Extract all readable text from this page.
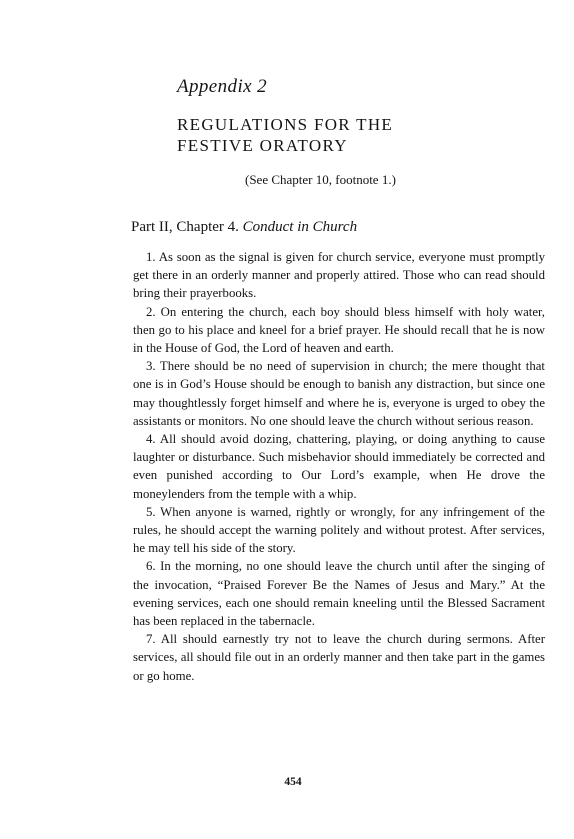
Appendix 2
REGULATIONS FOR THE
FESTIVE ORATORY
(See Chapter 10, footnote 1.)
Part II, Chapter 4. Conduct in Church

1. As soon as the signal is given for church service, everyone must promptly get there in an orderly manner and properly attired. Those who can read should bring their prayerbooks.

2. On entering the church, each boy should bless himself with holy water, then go to his place and kneel for a brief prayer. He should recall that he is now in the House of God, the Lord of heaven and earth.

3. There should be no need of supervision in church; the mere thought that one is in God’s House should be enough to banish any distraction, but since one may thoughtlessly forget himself and where he is, everyone is urged to obey the assistants or monitors. No one should leave the church without serious reason.

4. All should avoid dozing, chattering, playing, or doing anything to cause laughter or disturbance. Such misbehavior should immediately be corrected and even punished according to Our Lord’s example, when He drove the moneylenders from the temple with a whip.

5. When anyone is warned, rightly or wrongly, for any infringement of the rules, he should accept the warning politely and without protest. After services, he may tell his side of the story.

6. In the morning, no one should leave the church until after the singing of the invocation, “Praised Forever Be the Names of Jesus and Mary.” At the evening services, each one should remain kneeling until the Blessed Sacrament has been replaced in the tabernacle.

7. All should earnestly try not to leave the church during sermons. After services, all should file out in an orderly manner and then take part in the games or go home.

454
